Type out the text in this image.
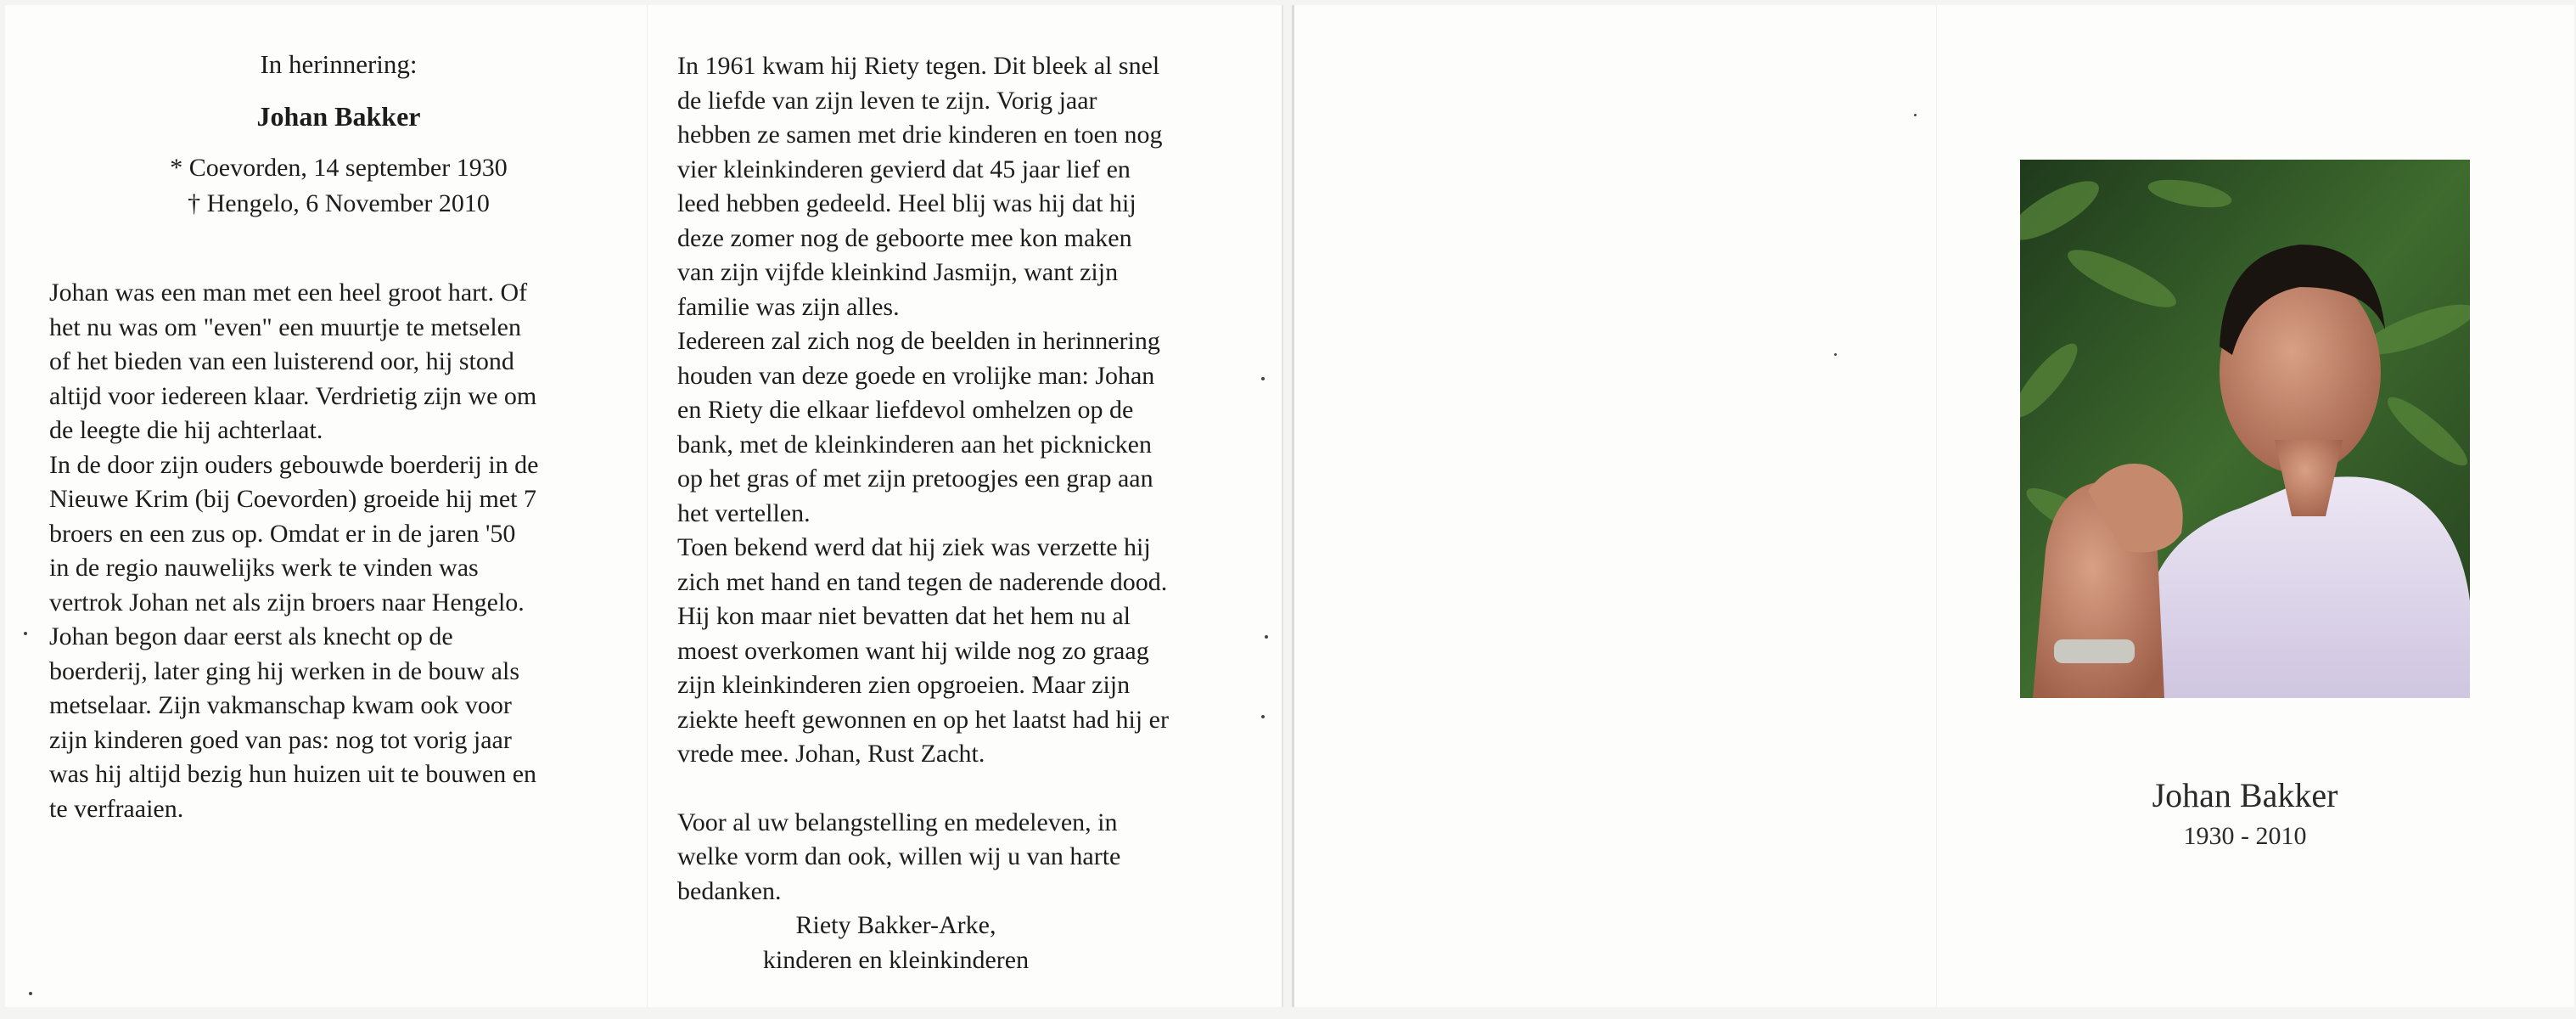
In herinnering:

Johan Bakker

* Coevorden, 14 september 1930

† Hengelo, 6 November 2010

Johan was een man met een heel groot hart. Of
het nu was om "even" een muurtje te metselen
of het bieden van een luisterend oor, hij stond
altijd voor iedereen klaar. Verdrietig zijn we om
de leegte die hij achterlaat.
In de door zijn ouders gebouwde boerderij in de
Nieuwe Krim (bij Coevorden) groeide hij met 7
broers en een zus op. Omdat er in de jaren '50
in de regio nauwelijks werk te vinden was
vertrok Johan net als zijn broers naar Hengelo.
Johan begon daar eerst als knecht op de
boerderij, later ging hij werken in de bouw als
metselaar. Zijn vakmanschap kwam ook voor
zijn kinderen goed van pas: nog tot vorig jaar
was hij altijd bezig hun huizen uit te bouwen en
te verfraaien.

In 1961 kwam hij Riety tegen. Dit bleek al snel
de liefde van zijn leven te zijn. Vorig jaar
hebben ze samen met drie kinderen en toen nog
vier kleinkinderen gevierd dat 45 jaar lief en
leed hebben gedeeld. Heel blij was hij dat hij
deze zomer nog de geboorte mee kon maken
van zijn vijfde kleinkind Jasmijn, want zijn
familie was zijn alles.
Iedereen zal zich nog de beelden in herinnering
houden van deze goede en vrolijke man: Johan
en Riety die elkaar liefdevol omhelzen op de
bank, met de kleinkinderen aan het picknicken
op het gras of met zijn pretoogjes een grap aan
het vertellen.
Toen bekend werd dat hij ziek was verzette hij
zich met hand en tand tegen de naderende dood.
Hij kon maar niet bevatten dat het hem nu al
moest overkomen want hij wilde nog zo graag
zijn kleinkinderen zien opgroeien. Maar zijn
ziekte heeft gewonnen en op het laatst had hij er
vrede mee. Johan, Rust Zacht.

Voor al uw belangstelling en medeleven, in
welke vorm dan ook, willen wij u van harte
bedanken.

Riety Bakker-Arke,

kinderen en kleinkinderen

Johan Bakker
1930 - 2010
